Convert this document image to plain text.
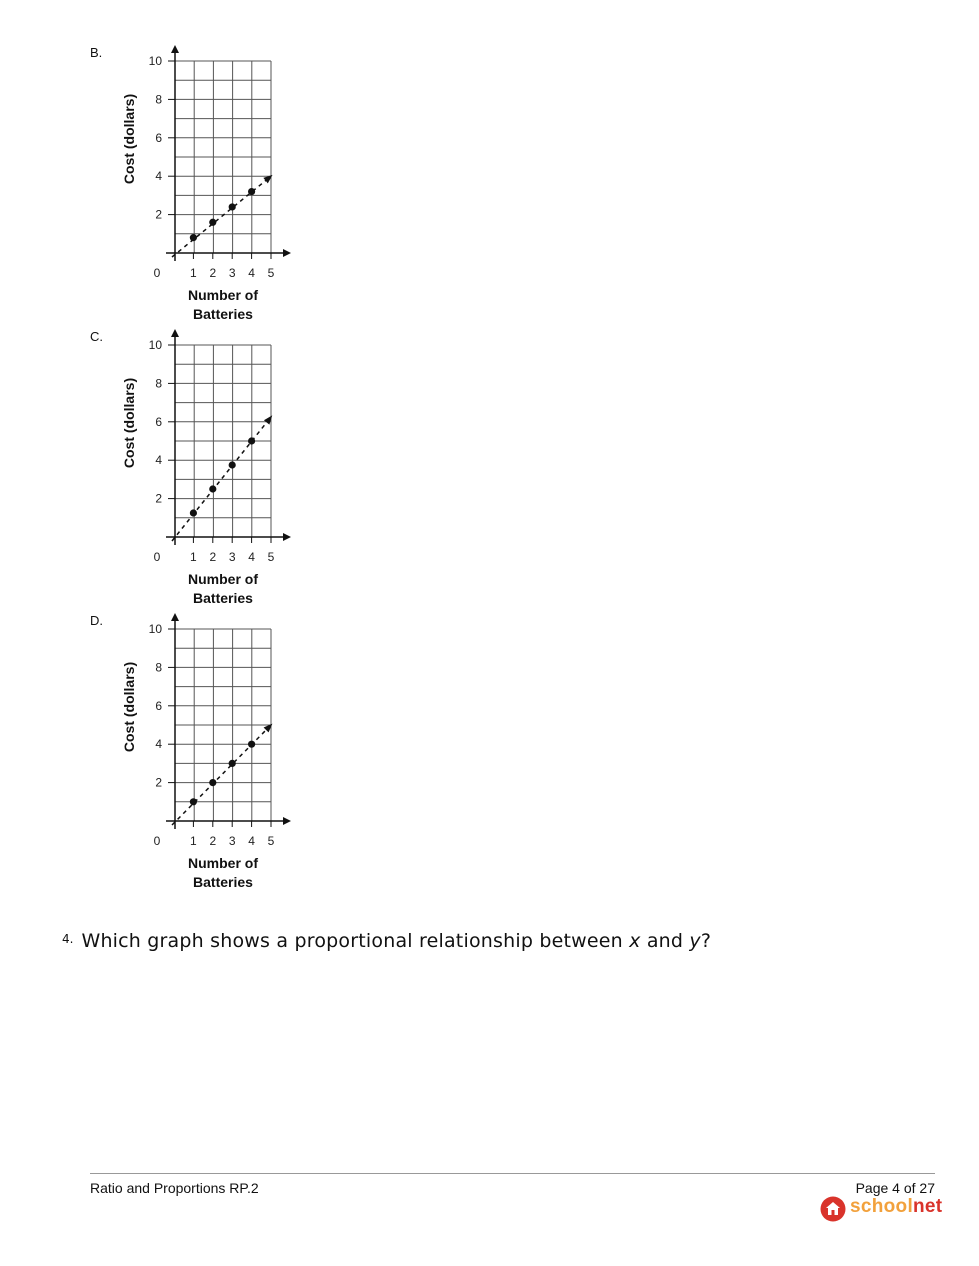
B.
2
4
6
8
10
0 1 2 3 4 5
Number of
Batteries
Cost (dollars)
C.
2
4
6
8
10
0 1 2 3 4 5
Number of
Batteries
Cost (dollars)
D.
2
4
6
8
10
0 1 2 3 4 5
Number of
Batteries
Cost (dollars)
$^{4.}$ Which graph shows a proportional relationship between x and y?
Ratio and Proportions RP.2	Page 4 of 27
schoolnet
